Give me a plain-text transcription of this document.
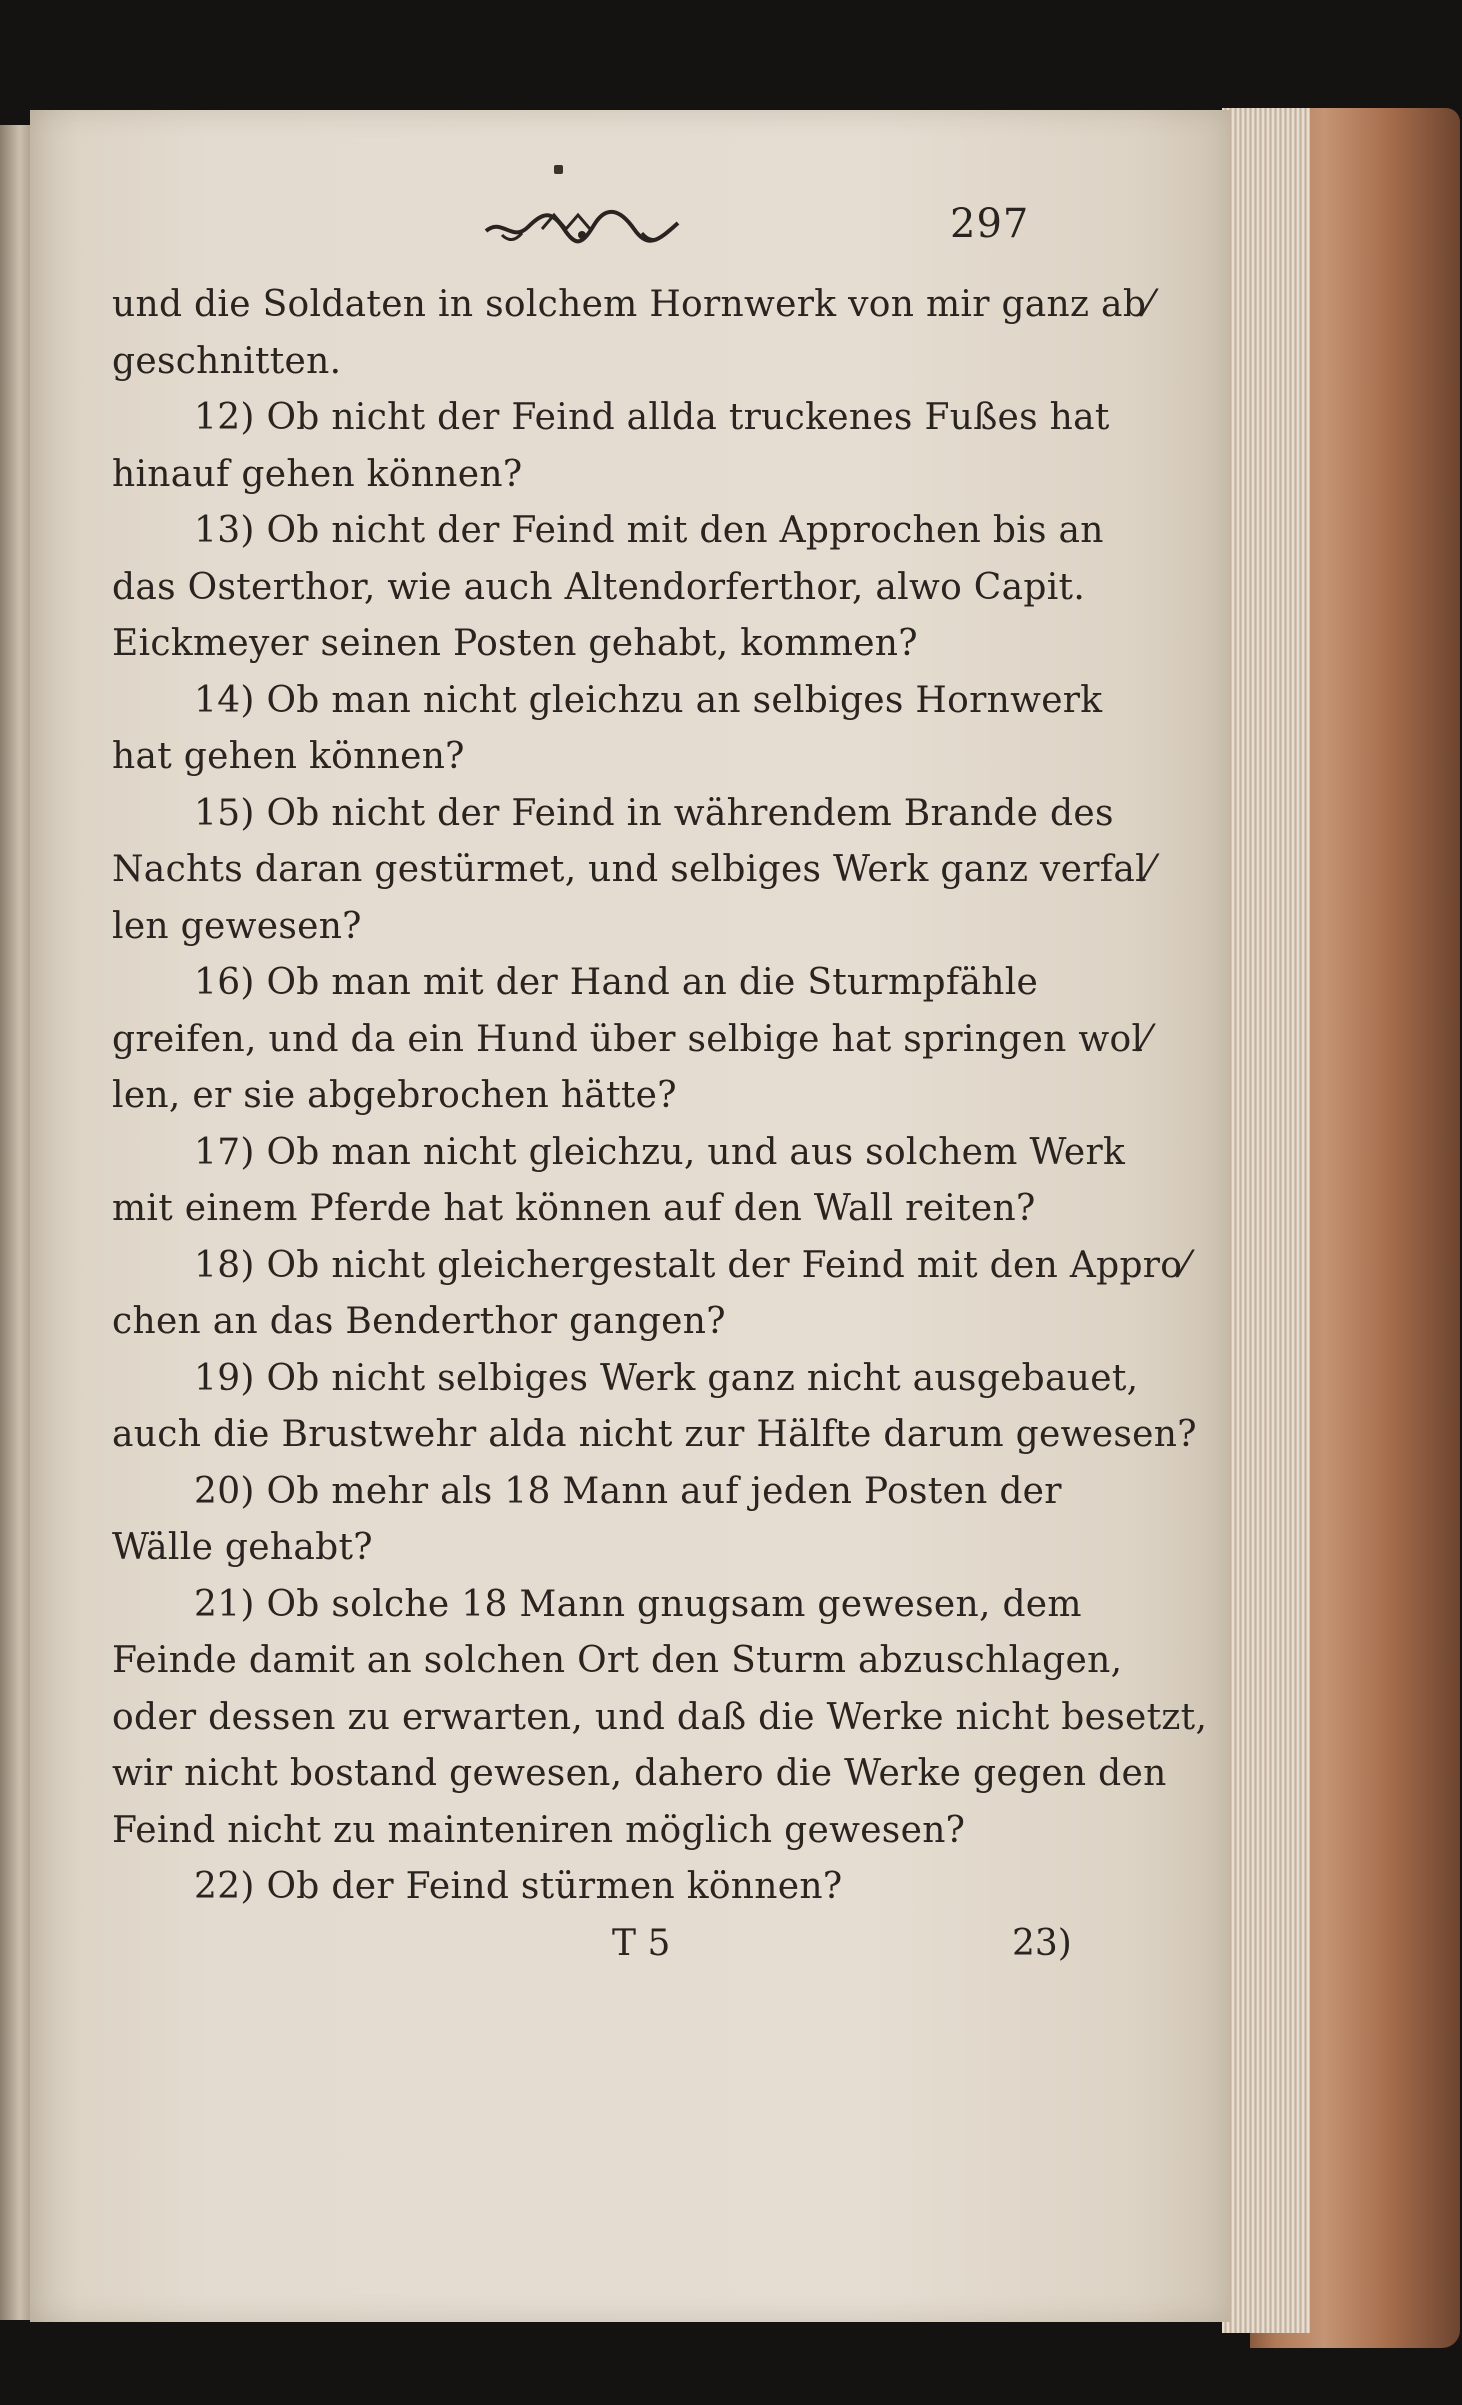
297
und die Soldaten in solchem Hornwerk von mir ganz ab⁄
geschnitten.
12) Ob nicht der Feind allda truckenes Fußes hat
hinauf gehen können?
13) Ob nicht der Feind mit den Approchen bis an
das Osterthor, wie auch Altendorferthor, alwo Capit.
Eickmeyer seinen Posten gehabt, kommen?
14) Ob man nicht gleichzu an selbiges Hornwerk
hat gehen können?
15) Ob nicht der Feind in währendem Brande des
Nachts daran gestürmet, und selbiges Werk ganz verfal⁄
len gewesen?
16) Ob man mit der Hand an die Sturmpfähle
greifen, und da ein Hund über selbige hat springen wol⁄
len, er sie abgebrochen hätte?
17) Ob man nicht gleichzu, und aus solchem Werk
mit einem Pferde hat können auf den Wall reiten?
18) Ob nicht gleichergestalt der Feind mit den Appro⁄
chen an das Benderthor gangen?
19) Ob nicht selbiges Werk ganz nicht ausgebauet,
auch die Brustwehr alda nicht zur Hälfte darum gewesen?
20) Ob mehr als 18 Mann auf jeden Posten der
Wälle gehabt?
21) Ob solche 18 Mann gnugsam gewesen, dem
Feinde damit an solchen Ort den Sturm abzuschlagen,
oder dessen zu erwarten, und daß die Werke nicht besetzt,
wir nicht bostand gewesen, dahero die Werke gegen den
Feind nicht zu mainteniren möglich gewesen?
22) Ob der Feind stürmen können?
T 5	23)
